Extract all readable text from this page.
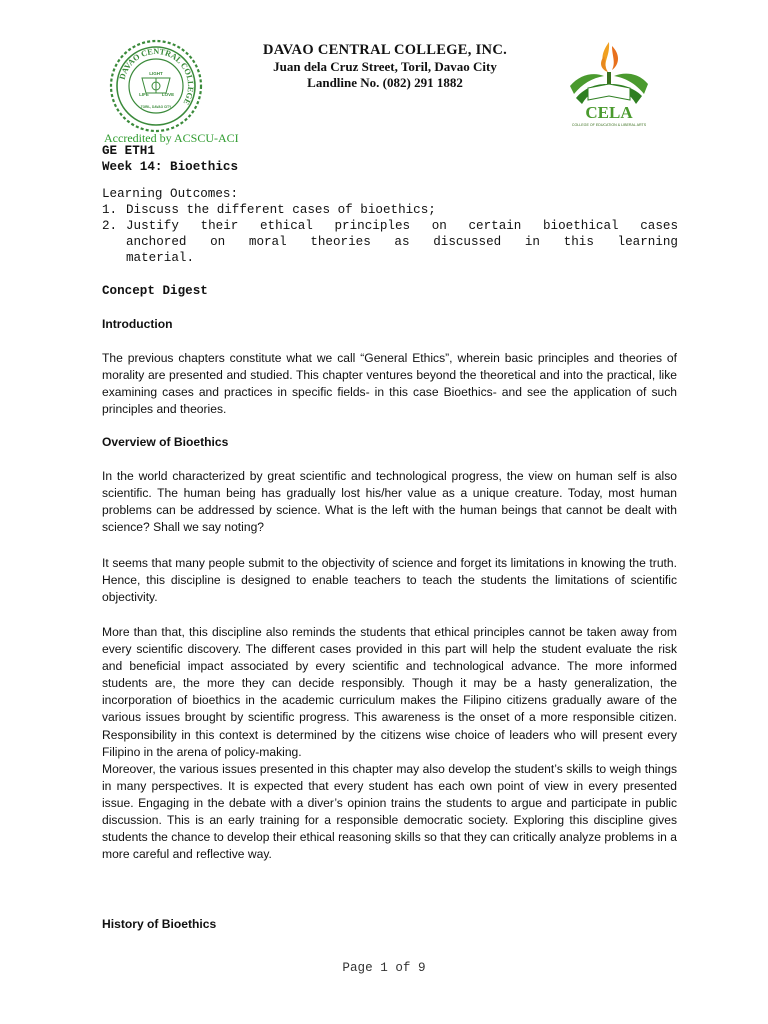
DAVAO CENTRAL COLLEGE
LIGHT
LIFE	LOVE
TORIL, DAVAO CITY
DAVAO CENTRAL COLLEGE, INC.
Juan dela Cruz Street, Toril, Davao City
Landline No. (082) 291 1882
CELA
COLLEGE OF EDUCATION & LIBERAL ARTS
Accredited by ACSCU-ACI
GE ETH1
Week 14: Bioethics
Learning Outcomes:
1. Discuss the different cases of bioethics;
2. Justify their ethical principles on certain bioethical cases
anchored on moral theories as discussed in this learning
material.
Concept Digest
Introduction

The previous chapters constitute what we call “General Ethics”, wherein basic principles and theories of morality are presented and studied. This chapter ventures beyond the theoretical and into the practical, like examining cases and practices in specific fields- in this case Bioethics- and see the application of such principles and theories.

Overview of Bioethics

In the world characterized by great scientific and technological progress, the view on human self is also scientific. The human being has gradually lost his/her value as a unique creature. Today, most human problems can be addressed by science. What is the left with the human beings that cannot be dealt with science? Shall we say noting?

It seems that many people submit to the objectivity of science and forget its limitations in knowing the truth. Hence, this discipline is designed to enable teachers to teach the students the limitations of scientific objectivity.

More than that, this discipline also reminds the students that ethical principles cannot be taken away from every scientific discovery. The different cases provided in this part will help the student evaluate the risk and beneficial impact associated by every scientific and technological advance. The more informed students are, the more they can decide responsibly. Though it may be a hasty generalization, the incorporation of bioethics in the academic curriculum makes the Filipino citizens gradually aware of the various issues brought by scientific progress. This awareness is the onset of a more responsible citizen. Responsibility in this context is determined by the citizens wise choice of leaders who will present every Filipino in the arena of policy-making.

Moreover, the various issues presented in this chapter may also develop the student’s skills to weigh things in many perspectives. It is expected that every student has each own point of view in every presented issue. Engaging in the debate with a diver’s opinion trains the students to argue and participate in public discussion. This is an early training for a responsible democratic society. Exploring this discipline gives students the chance to develop their ethical reasoning skills so that they can critically analyze problems in a more careful and reflective way.

History of Bioethics
Page 1 of 9
